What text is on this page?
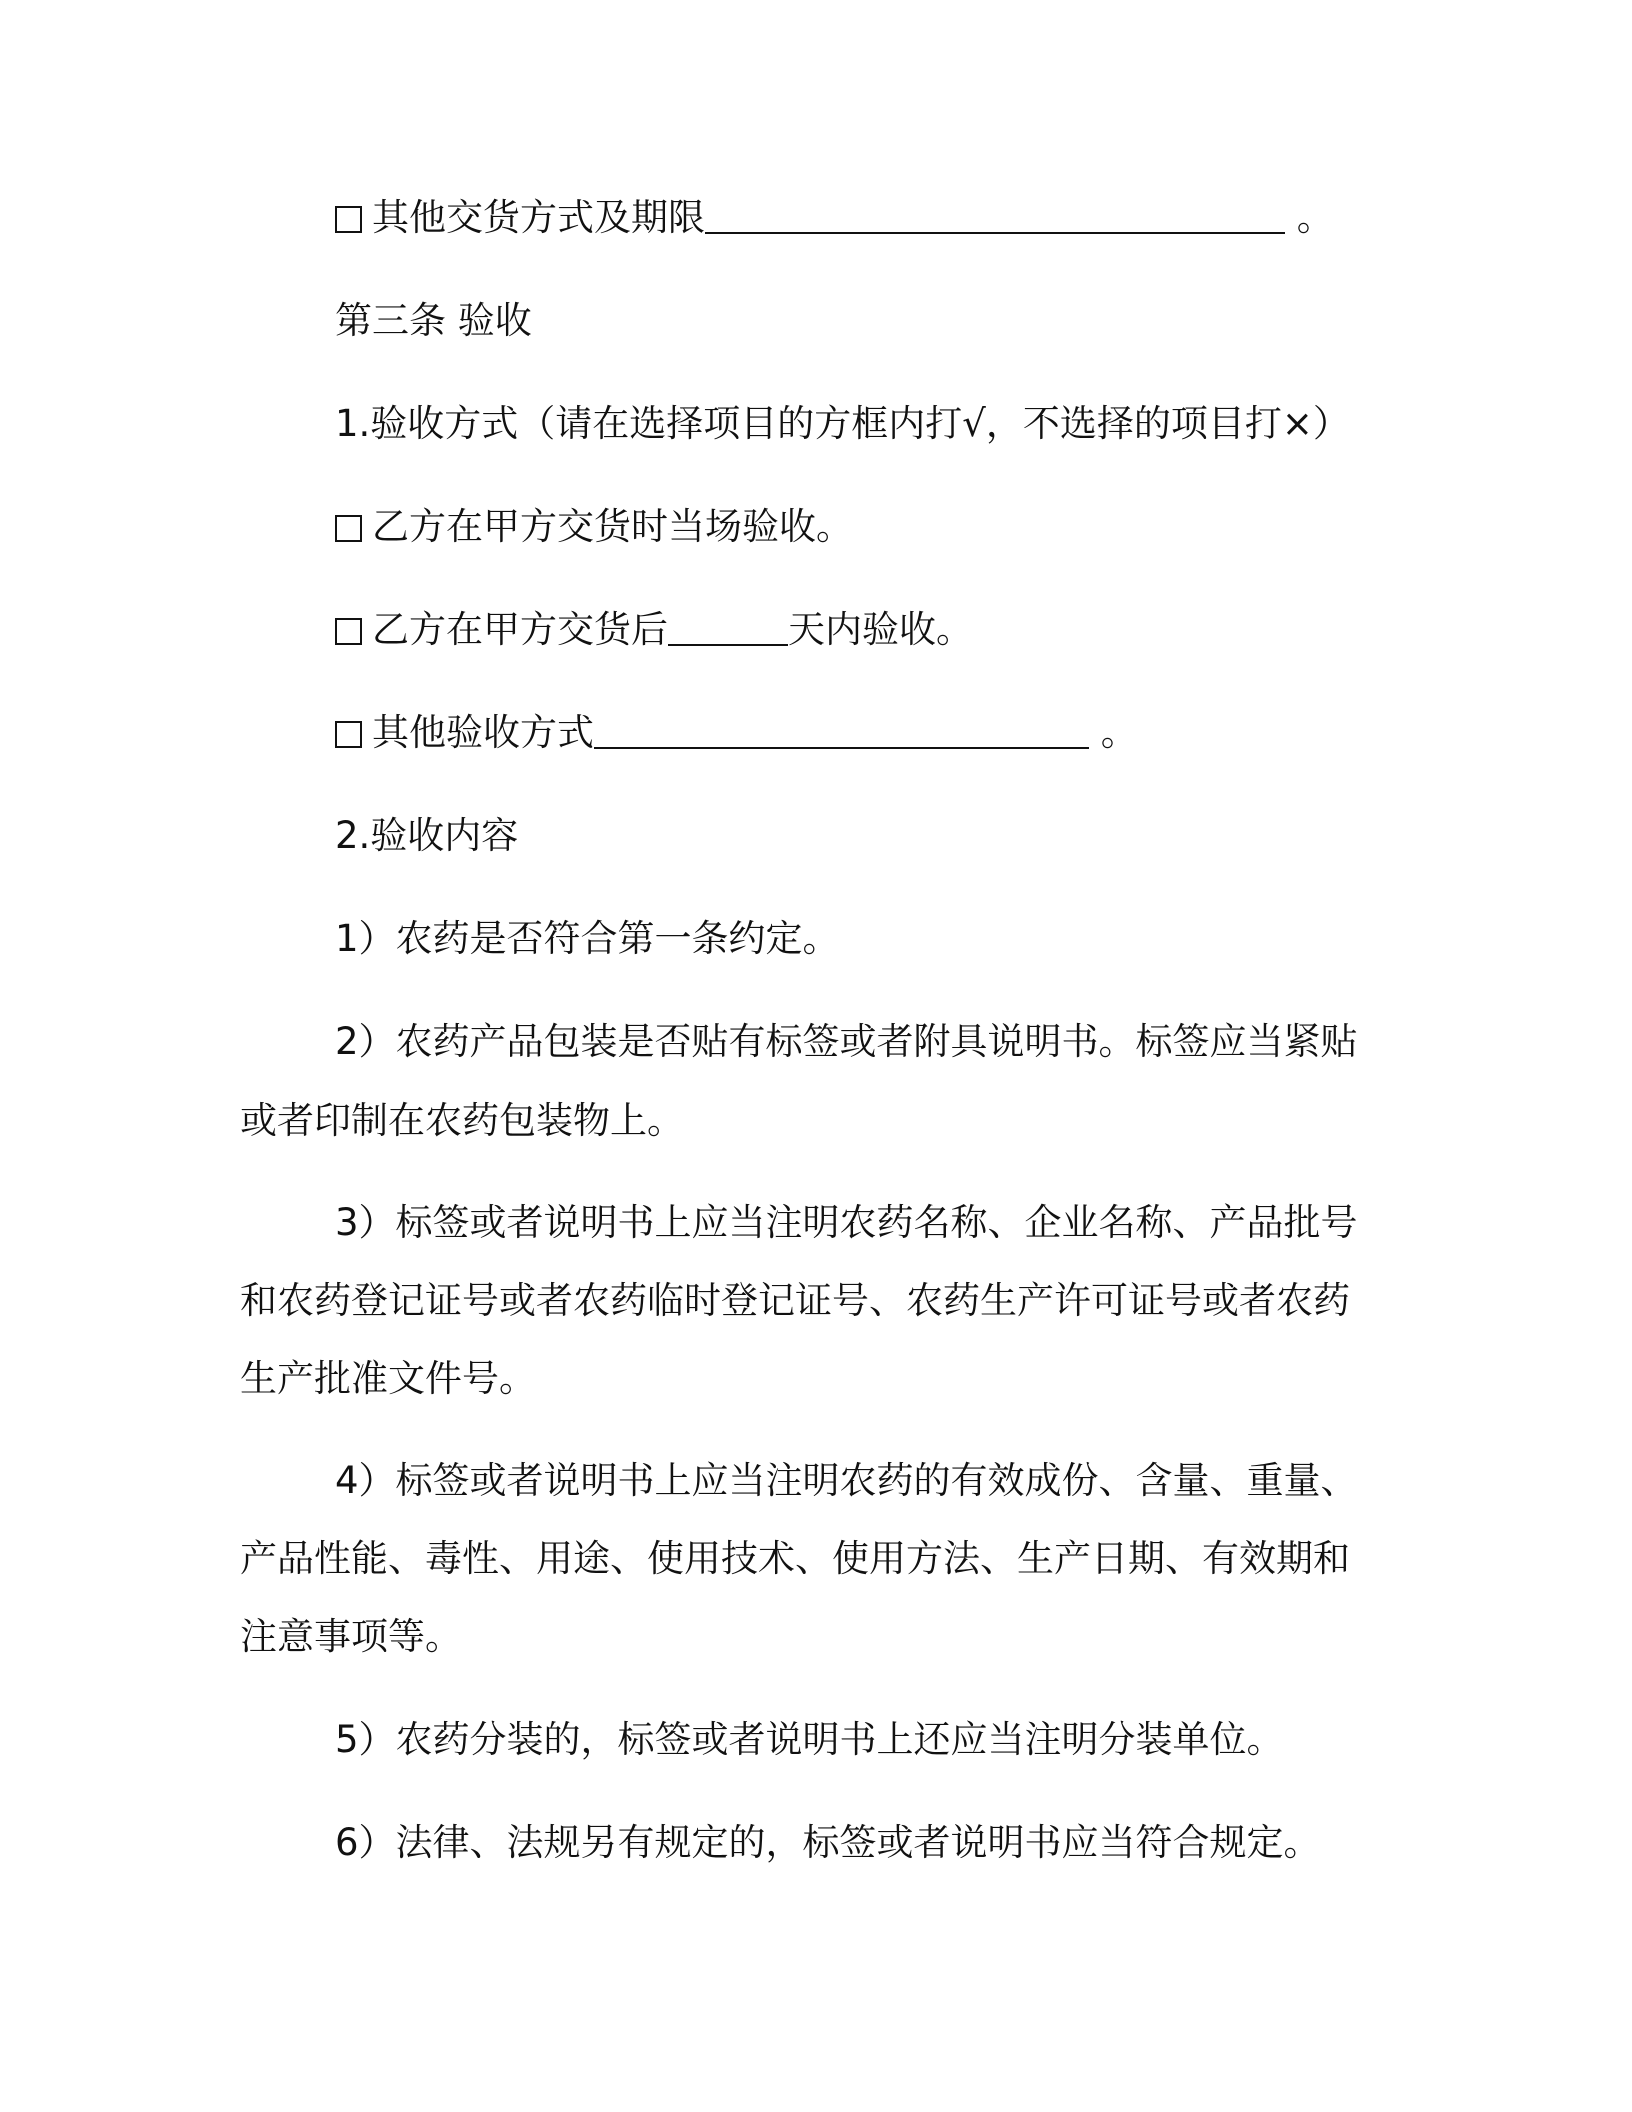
其他交货方式及期限	。
第三条 验收
1.验收方式（请在选择项目的方框内打√，不选择的项目打×）
乙方在甲方交货时当场验收。
乙方在甲方交货后	天内验收。
其他验收方式	。
2.验收内容
1）农药是否符合第一条约定。
2）农药产品包装是否贴有标签或者附具说明书。标签应当紧贴
或者印制在农药包装物上。
3）标签或者说明书上应当注明农药名称、企业名称、产品批号
和农药登记证号或者农药临时登记证号、农药生产许可证号或者农药
生产批准文件号。
4）标签或者说明书上应当注明农药的有效成份、含量、重量、
产品性能、毒性、用途、使用技术、使用方法、生产日期、有效期和
注意事项等。
5）农药分装的，标签或者说明书上还应当注明分装单位。
6）法律、法规另有规定的，标签或者说明书应当符合规定。
